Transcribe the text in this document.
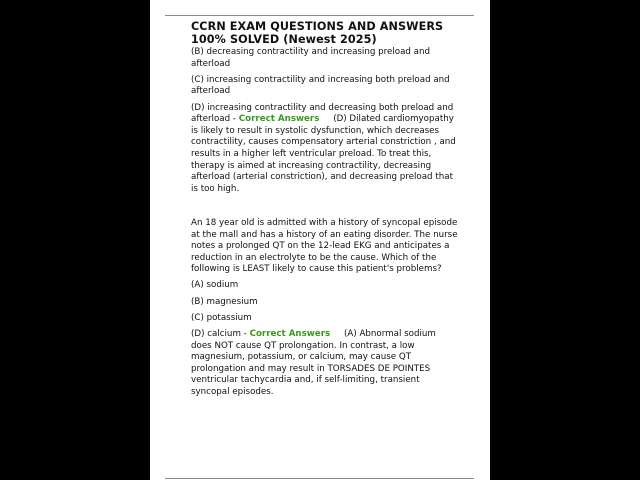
CCRN EXAM QUESTIONS AND ANSWERS
100% SOLVED (Newest 2025)

(B) decreasing contractility and increasing preload and afterload

(C) increasing contractility and increasing both preload and afterload

(D) increasing contractility and decreasing both preload and afterload - Correct Answers (D) Dilated cardiomyopathy is likely to result in systolic dysfunction, which decreases contractility, causes compensatory arterial constriction , and results in a higher left ventricular preload. To treat this, therapy is aimed at increasing contractility, decreasing afterload (arterial constriction), and decreasing preload that is too high.

An 18 year old is admitted with a history of syncopal episode at the mall and has a history of an eating disorder. The nurse notes a prolonged QT on the 12-lead EKG and anticipates a reduction in an electrolyte to be the cause. Which of the following is LEAST likely to cause this patient's problems?

(A) sodium

(B) magnesium

(C) potassium

(D) calcium - Correct Answers (A) Abnormal sodium does NOT cause QT prolongation. In contrast, a low magnesium, potassium, or calcium, may cause QT prolongation and may result in TORSADES DE POINTES ventricular tachycardia and, if self-limiting, transient syncopal episodes.
